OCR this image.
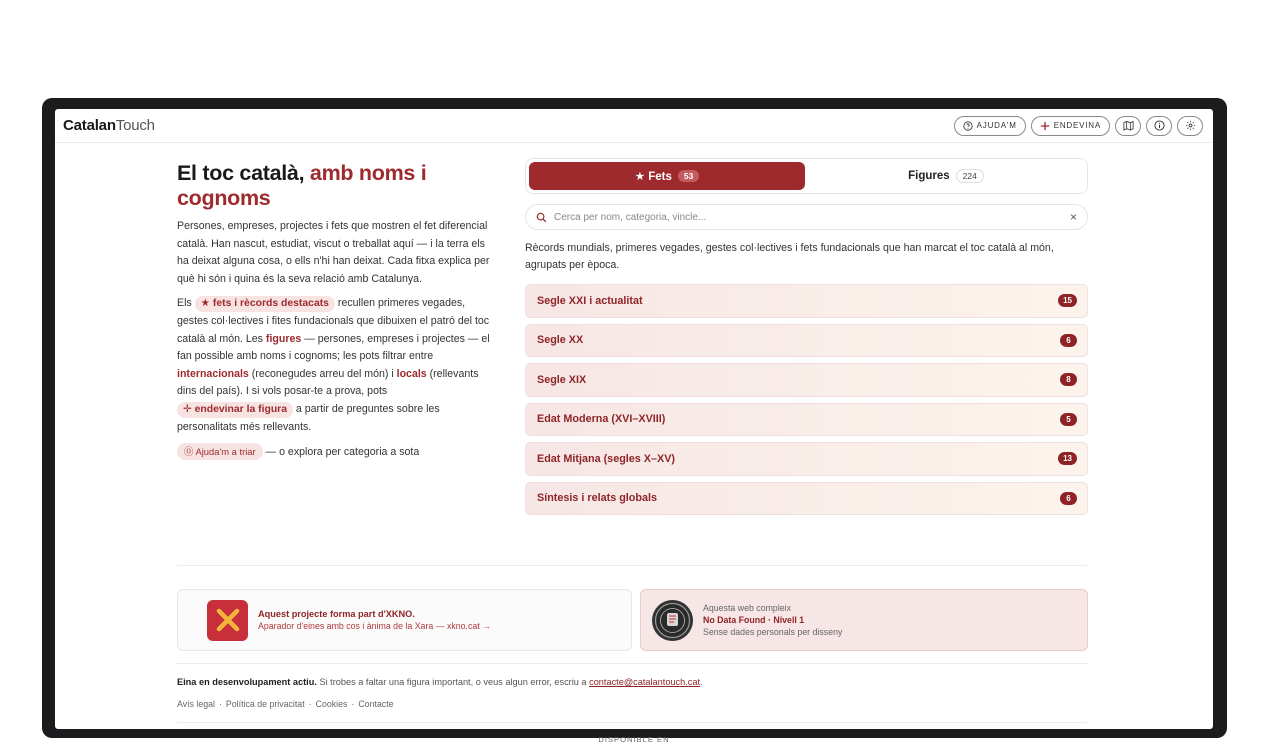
CatalanTouch	AJUDA'M	ENDEVINA
El toc català, amb noms i cognoms

Persones, empreses, projectes i fets que mostren el fet diferencial català. Han nascut, estudiat, viscut o treballat aquí — i la terra els ha deixat alguna cosa, o ells n'hi han deixat. Cada fitxa explica per què hi són i quina és la seva relació amb Catalunya.

Els ★ fets i rècords destacats recullen primeres vegades, gestes col·lectives i fites fundacionals que dibuixen el patró del toc català al món. Les figures — persones, empreses i projectes — el fan possible amb noms i cognoms; les pots filtrar entre internacionals (reconegudes arreu del món) i locals (rellevants dins del país). I si vols posar-te a prova, pots ✛ endevinar la figura a partir de preguntes sobre les personalitats més rellevants.

⓪ Ajuda'm a triar — o explora per categoria a sota

★ Fets	53	Figures	224
Cerca per nom, categoria, vincle...
×

Rècords mundials, primeres vegades, gestes col·lectives i fets fundacionals que han marcat el toc català al món, agrupats per època.

Segle XXI i actualitat	15
Segle XX	6
Segle XIX	8
Edat Moderna (XVI–XVIII)	5
Edat Mitjana (segles X–XV)	13
Síntesis i relats globals	6
Aquest projecte forma part d'XKNO.
Aparador d'eines amb cos i ànima de la Xara — xkno.cat →
Aquesta web compleix
No Data Found · Nivell 1
Sense dades personals per disseny

Eina en desenvolupament actiu. Si trobes a faltar una figura important, o veus algun error, escriu a contacte@catalantouch.cat.

Avís legal · Política de privacitat · Cookies · Contacte
DISPONIBLE EN
